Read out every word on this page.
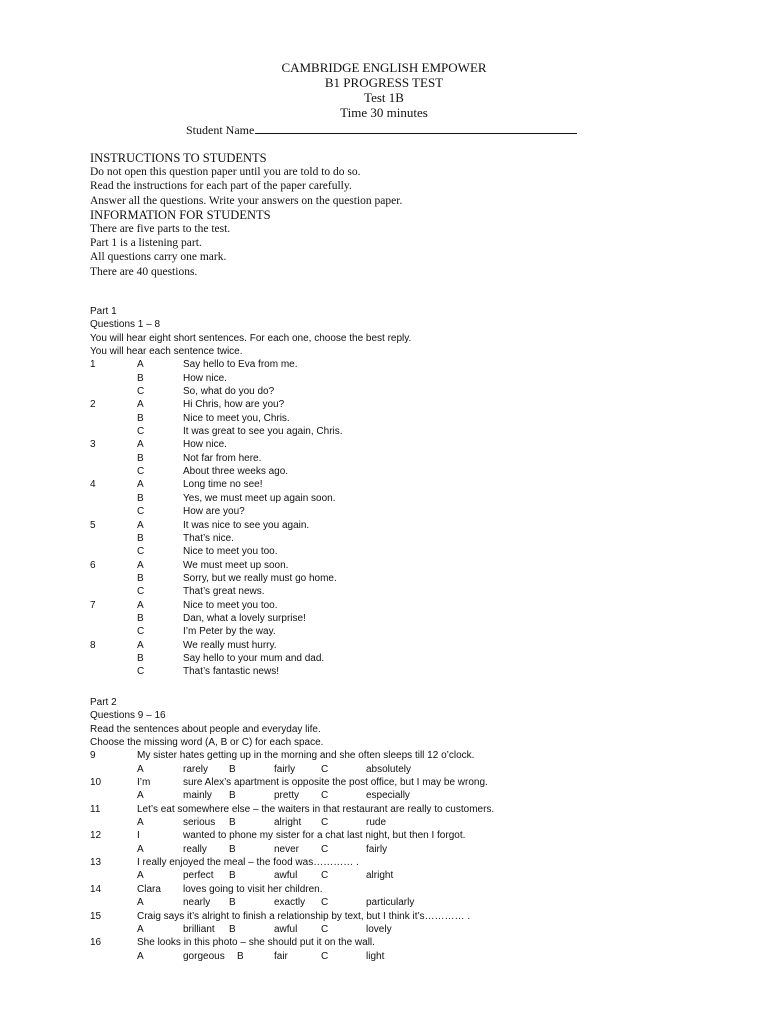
CAMBRIDGE ENGLISH EMPOWER
B1 PROGRESS TEST
Test 1B
Time 30 minutes
Student Name
INSTRUCTIONS TO STUDENTS
Do not open this question paper until you are told to do so.
Read the instructions for each part of the paper carefully.
Answer all the questions. Write your answers on the question paper.
INFORMATION FOR STUDENTS
There are five parts to the test.
Part 1 is a listening part.
All questions carry one mark.
There are 40 questions.
Part 1
Questions 1 – 8
You will hear eight short sentences. For each one, choose the best reply.
You will hear each sentence twice.
1	A	Say hello to Eva from me.
B	How nice.
C	So, what do you do?
2	A	Hi Chris, how are you?
B	Nice to meet you, Chris.
C	It was great to see you again, Chris.
3	A	How nice.
B	Not far from here.
C	About three weeks ago.
4	A	Long time no see!
B	Yes, we must meet up again soon.
C	How are you?
5	A	It was nice to see you again.
B	That’s nice.
C	Nice to meet you too.
6	A	We must meet up soon.
B	Sorry, but we really must go home.
C	That’s great news.
7	A	Nice to meet you too.
B	Dan, what a lovely surprise!
C	I’m Peter by the way.
8	A	We really must hurry.
B	Say hello to your mum and dad.
C	That’s fantastic news!
Part 2
Questions 9 – 16
Read the sentences about people and everyday life.
Choose the missing word (A, B or C) for each space.
9	My sister hates getting up in the morning and she often sleeps till 12 o’clock.
A	rarely B	fairly	C	absolutely
10	I’m	sure Alex’s apartment is opposite the post office, but I may be wrong.
A	mainly B	pretty C	especially
11	Let’s eat somewhere else – the waiters in that restaurant are really to customers.
A	serious B	alright C	rude
12	I	wanted to phone my sister for a chat last night, but then I forgot.
A	really B	never C	fairly
13	I really enjoyed the meal – the food was………… .
A	perfect B	awful C	alright
14	Clara loves going to visit her children.
A	nearly B	exactly C	particularly
15	Craig says it’s alright to finish a relationship by text, but I think it’s………… .
A	brilliant B	awful C	lovely
16	She looks in this photo – she should put it on the wall.
A	gorgeous B	fair	C	light
